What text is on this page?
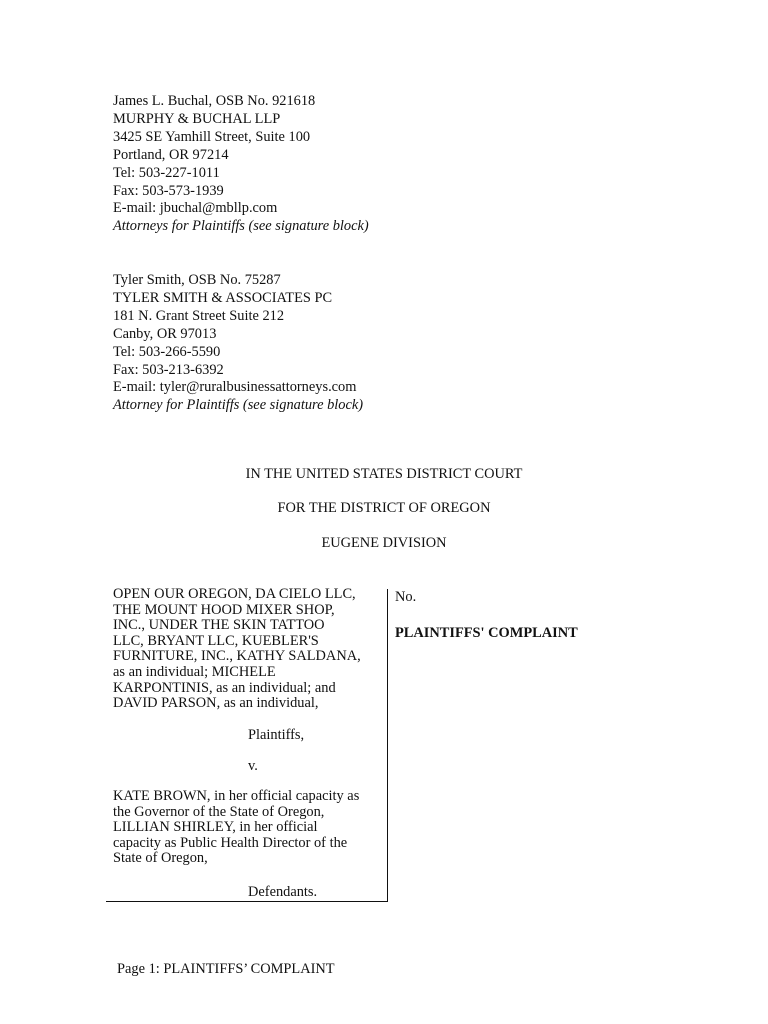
James L. Buchal, OSB No. 921618
MURPHY & BUCHAL LLP
3425 SE Yamhill Street, Suite 100
Portland, OR 97214
Tel: 503-227-1011
Fax: 503-573-1939
E-mail: jbuchal@mbllp.com
Attorneys for Plaintiffs (see signature block)
Tyler Smith, OSB No. 75287
TYLER SMITH & ASSOCIATES PC
181 N. Grant Street Suite 212
Canby, OR 97013
Tel: 503-266-5590
Fax: 503-213-6392
E-mail: tyler@ruralbusinessattorneys.com
Attorney for Plaintiffs (see signature block)
IN THE UNITED STATES DISTRICT COURT
FOR THE DISTRICT OF OREGON
EUGENE DIVISION
OPEN OUR OREGON, DA CIELO LLC,
THE MOUNT HOOD MIXER SHOP,
INC., UNDER THE SKIN TATTOO
LLC, BRYANT LLC, KUEBLER'S
FURNITURE, INC., KATHY SALDANA,
as an individual; MICHELE
KARPONTINIS, as an individual; and
DAVID PARSON, as an individual,
Plaintiffs,
v.
KATE BROWN, in her official capacity as
the Governor of the State of Oregon,
LILLIAN SHIRLEY, in her official
capacity as Public Health Director of the
State of Oregon,
Defendants.
No.
PLAINTIFFS' COMPLAINT
Page 1: PLAINTIFFS’ COMPLAINT
